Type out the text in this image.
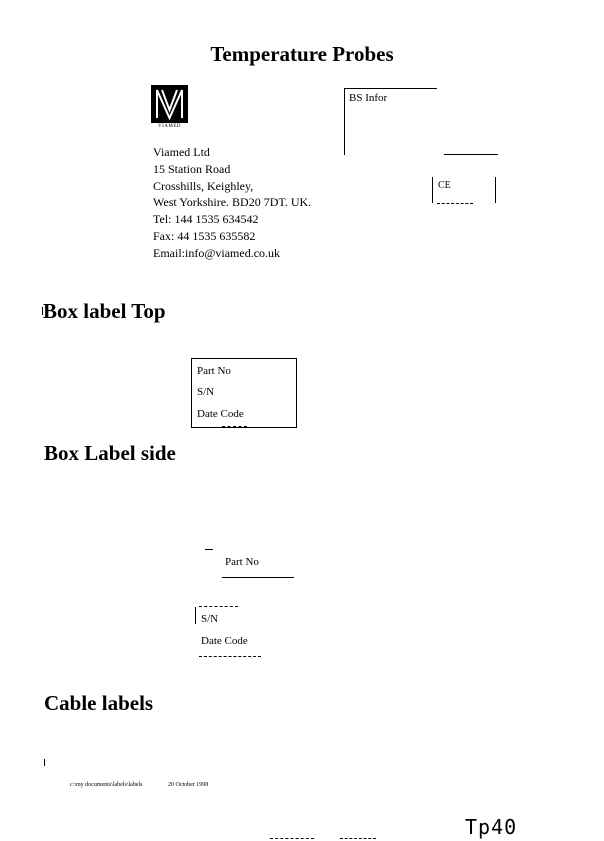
Temperature Probes
VIAMED
Viamed Ltd
15 Station Road
Crosshills, Keighley,
West Yorkshire. BD20 7DT. UK.
Tel: 144 1535 634542
Fax: 44 1535 635582
Email:info@viamed.co.uk
BS Infor
CE
Box label Top
Part No
S/N
Date Code
Box Label side
Part No
S/N
Date Code
Cable labels
c:\my documents\labels\labels	20 October 1998
Tp40
